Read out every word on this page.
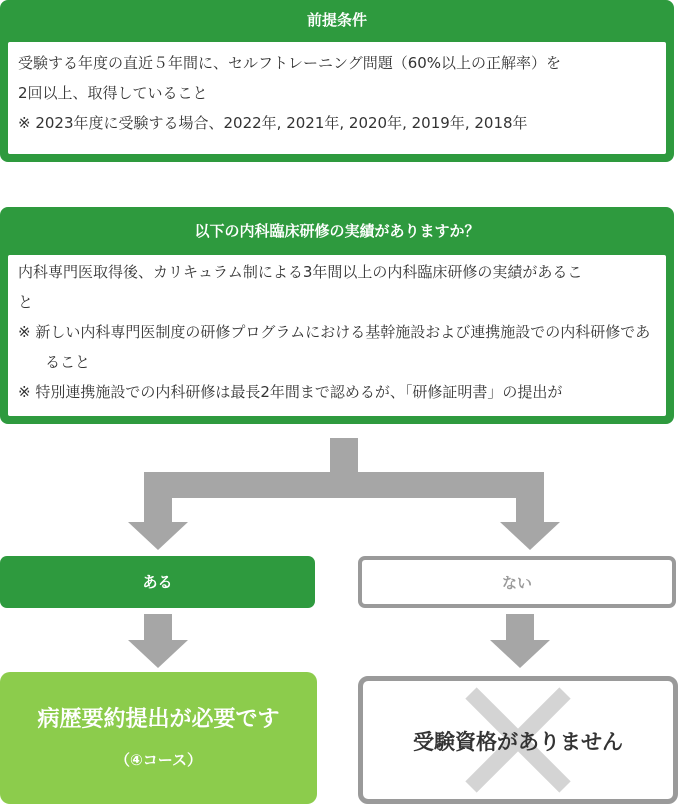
前提条件
受験する年度の直近５年間に、セルフトレーニング問題（60%以上の正解率）を
2回以上、取得していること
※ 2023年度に受験する場合、2022年, 2021年, 2020年, 2019年, 2018年
以下の内科臨床研修の実績がありますか？
内科専門医取得後、カリキュラム制による3年間以上の内科臨床研修の実績があるこ
と
※ 新しい内科専門医制度の研修プログラムにおける基幹施設および連携施設での内科研修であること
※ 特別連携施設での内科研修は最長2年間まで認めるが、「研修証明書」の提出が
ある	ない
病歴要約提出が必要です
（④コース）
受験資格がありません
